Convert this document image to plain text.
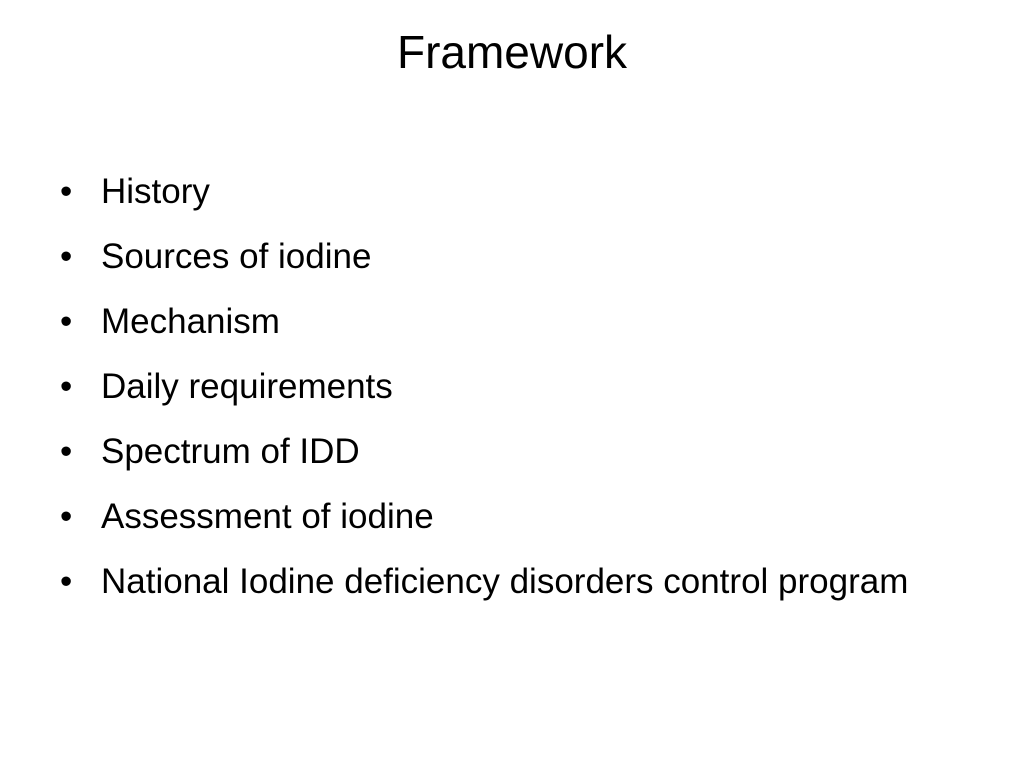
Framework
• History
• Sources of iodine
• Mechanism
• Daily requirements
• Spectrum of IDD
• Assessment of iodine
• National Iodine deficiency disorders control program
